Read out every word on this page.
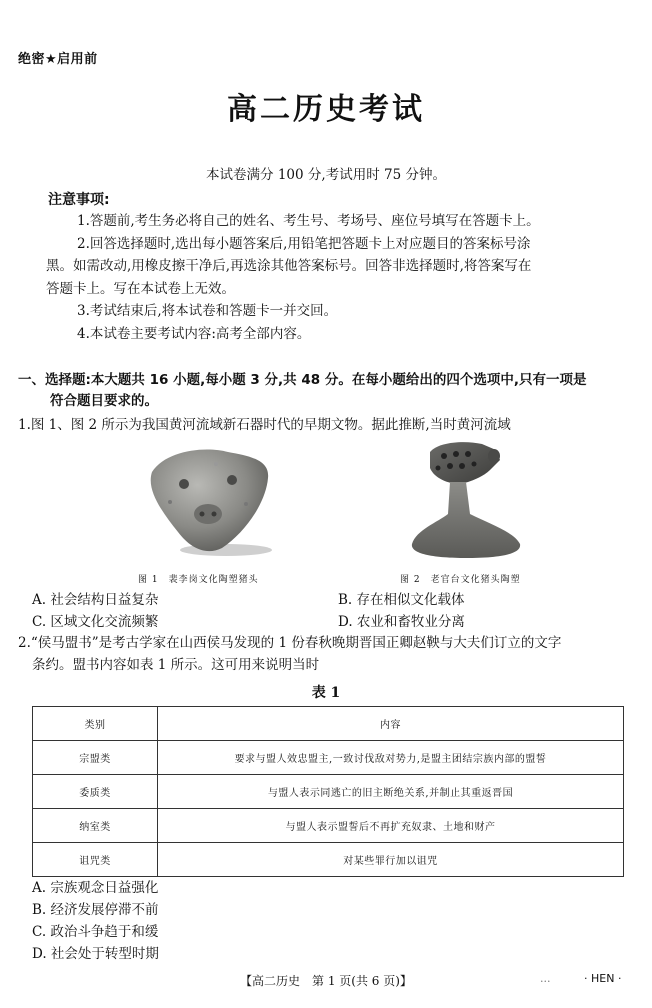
绝密★启用前
高二历史考试
本试卷满分 100 分,考试用时 75 分钟。
注意事项:

1.答题前,考生务必将自己的姓名、考生号、考场号、座位号填写在答题卡上。

2.回答选择题时,选出每小题答案后,用铅笔把答题卡上对应题目的答案标号涂

黑。如需改动,用橡皮擦干净后,再选涂其他答案标号。回答非选择题时,将答案写在

答题卡上。写在本试卷上无效。

3.考试结束后,将本试卷和答题卡一并交回。

4.本试卷主要考试内容:高考全部内容。

一、选择题:本大题共 16 小题,每小题 3 分,共 48 分。在每小题给出的四个选项中,只有一项是
符合题目要求的。
1.图 1、图 2 所示为我国黄河流域新石器时代的早期文物。据此推断,当时黄河流域
图 1　裴李岗文化陶塑猪头	图 2　老官台文化猪头陶塑
A. 社会结构日益复杂	B. 存在相似文化载体
C. 区域文化交流频繁	D. 农业和畜牧业分离
2.“侯马盟书”是考古学家在山西侯马发现的 1 份春秋晚期晋国正卿赵鞅与大夫们订立的文字
条约。盟书内容如表 1 所示。这可用来说明当时
表 1
类别	内容
宗盟类	要求与盟人效忠盟主,一致讨伐敌对势力,是盟主团结宗族内部的盟誓
委质类	与盟人表示同逃亡的旧主断绝关系,并制止其重返晋国
纳室类	与盟人表示盟誓后不再扩充奴隶、土地和财产
诅咒类	对某些罪行加以诅咒
A. 宗族观念日益强化
B. 经济发展停滞不前
C. 政治斗争趋于和缓
D. 社会处于转型时期
【高二历史　第 1 页(共 6 页)】	...	· HEN ·
